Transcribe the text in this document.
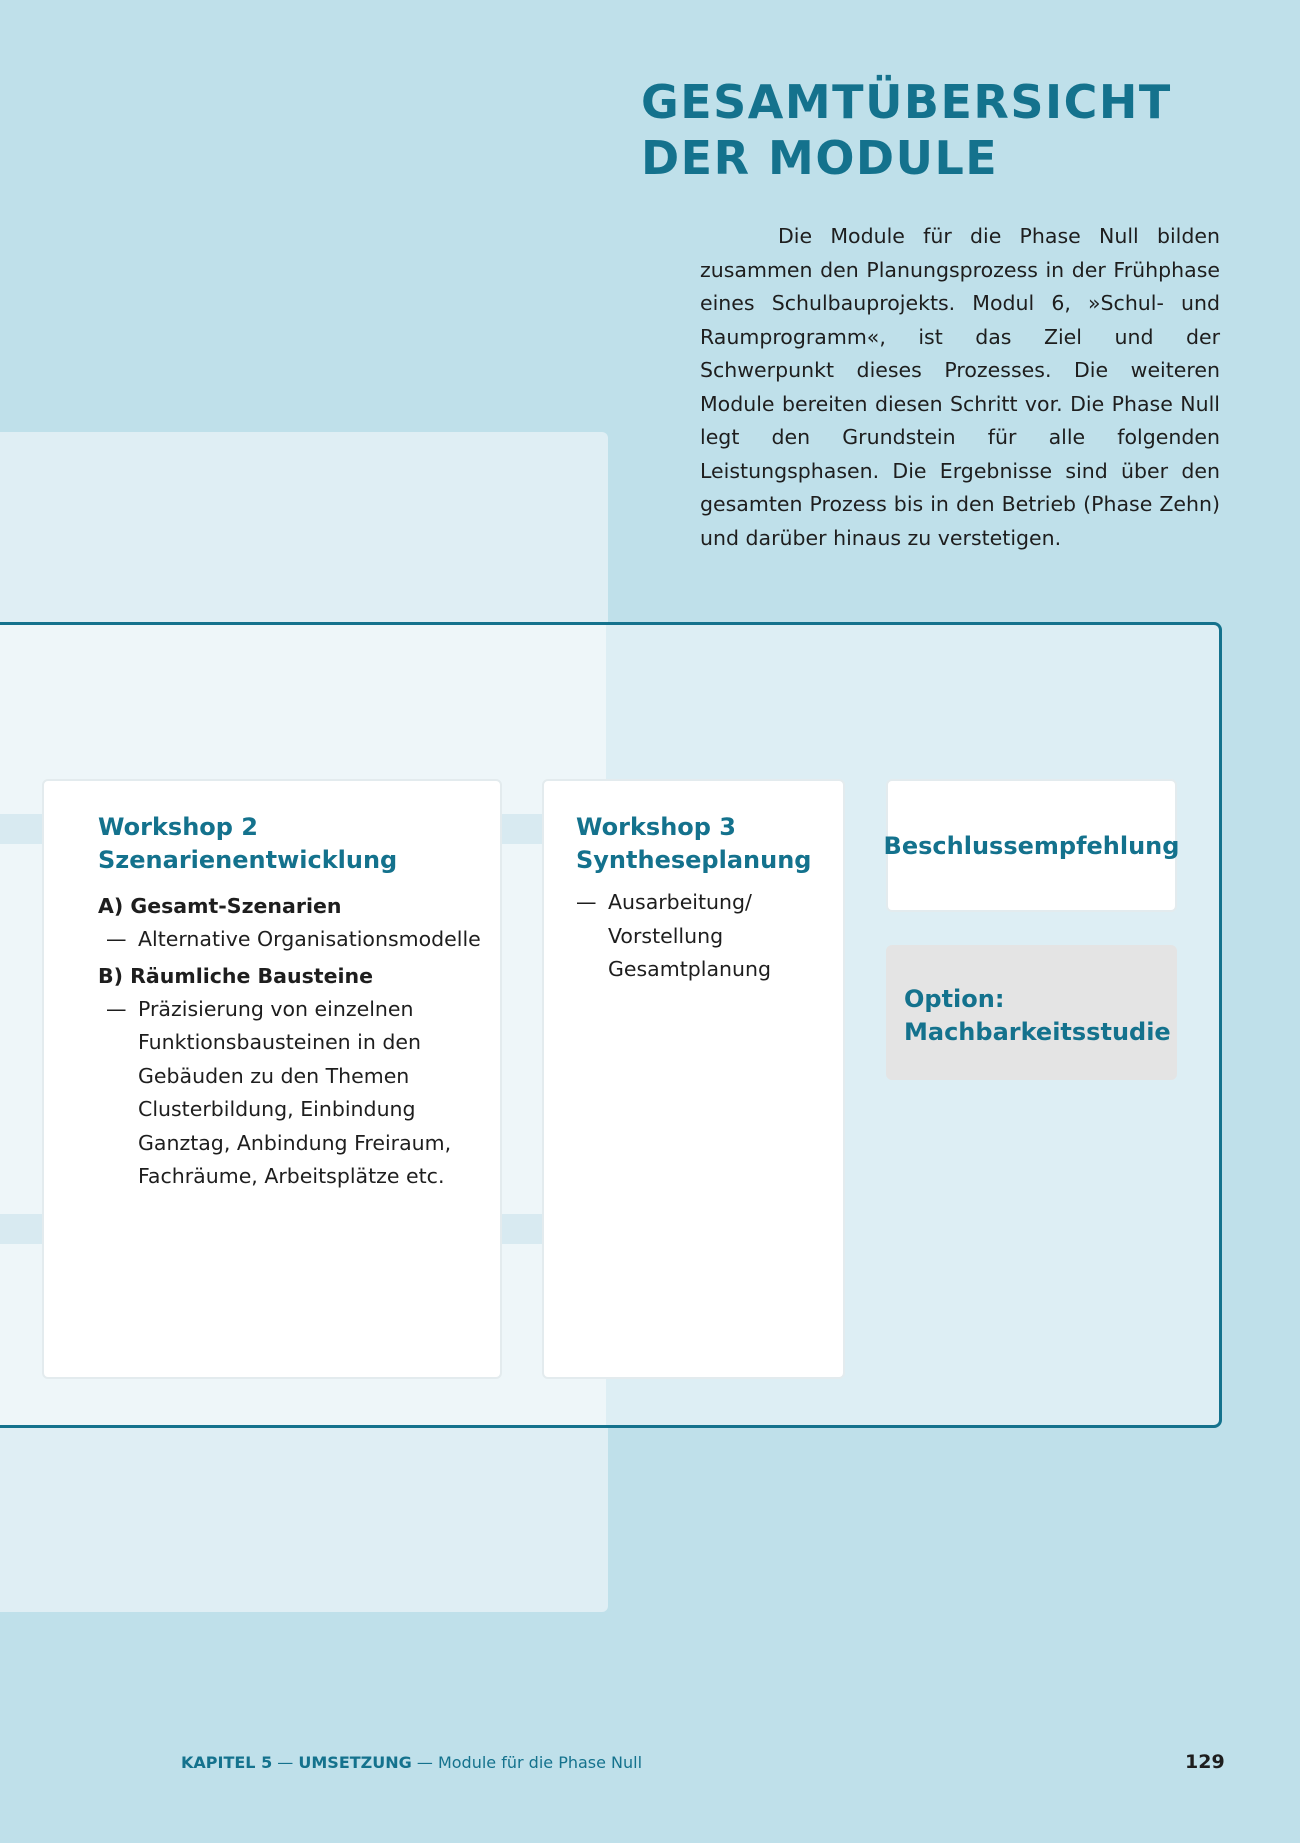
GESAMTÜBERSICHT
DER MODULE

Die Module für die Phase Null bilden zusammen den Planungsprozess in der Frühphase eines Schulbauprojekts. Modul 6, »Schul- und Raumprogramm«, ist das Ziel und der Schwerpunkt dieses Prozesses. Die weiteren Module bereiten diesen Schritt vor. Die Phase Null legt den Grundstein für alle folgenden Leistungsphasen. Die Ergebnisse sind über den gesamten Prozess bis in den Betrieb (Phase Zehn) und darüber hinaus zu verstetigen.

Workshop 2
Szenarienentwicklung
A) Gesamt-Szenarien
— Alternative Organisationsmodelle
B) Räumliche Bausteine
— Präzisierung von einzelnen Funktionsbausteinen in den Gebäuden zu den Themen Clusterbildung, Einbindung Ganztag, Anbindung Freiraum, Fachräume, Arbeitsplätze etc.
Workshop 3
Syntheseplanung
— Ausarbeitung/ Vorstellung Gesamtplanung
Beschlussempfehlung
Option:
Machbarkeitsstudie
KAPITEL 5 — UMSETZUNG — Module für die Phase Null	129
